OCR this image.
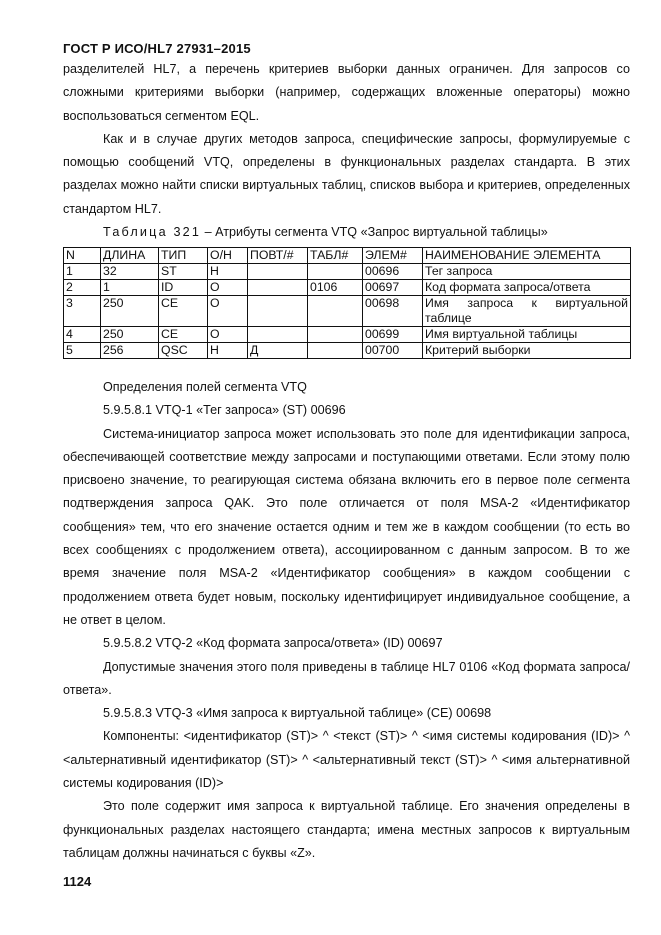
ГОСТ Р ИСО/HL7 27931–2015

разделителей HL7, а перечень критериев выборки данных ограничен. Для запросов со сложными критериями выборки (например, содержащих вложенные операторы) можно воспользоваться сегментом EQL.

Как и в случае других методов запроса, специфические запросы, формулируемые с помощью сообщений VTQ, определены в функциональных разделах стандарта. В этих разделах можно найти списки виртуальных таблиц, списков выбора и критериев, определенных стандартом HL7.

Таблица 321 – Атрибуты сегмента VTQ «Запрос виртуальной таблицы»
N	ДЛИНА	ТИП	О/Н	ПОВТ/#	ТАБЛ#	ЭЛЕМ#	НАИМЕНОВАНИЕ ЭЛЕМЕНТА
1	32	ST	Н			00696	Тег запроса
2	1	ID	О		0106	00697	Код формата запроса/ответа
3	250	CE	О			00698	Имя запроса к виртуальной таблице
4	250	CE	О			00699	Имя виртуальной таблицы
5	256	QSC	Н	Д		00700	Критерий выборки

Определения полей сегмента VTQ

5.9.5.8.1 VTQ-1 «Тег запроса» (ST) 00696

Система-инициатор запроса может использовать это поле для идентификации запроса, обеспечивающей соответствие между запросами и поступающими ответами. Если этому полю присвоено значение, то реагирующая система обязана включить его в первое поле сегмента подтверждения запроса QAK. Это поле отличается от поля MSA-2 «Идентификатор сообщения» тем, что его значение остается одним и тем же в каждом сообщении (то есть во всех сообщениях с продолжением ответа), ассоциированном с данным запросом. В то же время значение поля MSA-2 «Идентификатор сообщения» в каждом сообщении с продолжением ответа будет новым, поскольку идентифицирует индивидуальное сообщение, а не ответ в целом.

5.9.5.8.2 VTQ-2 «Код формата запроса/ответа» (ID) 00697

Допустимые значения этого поля приведены в таблице HL7 0106 «Код формата запроса/ответа».

5.9.5.8.3 VTQ-3 «Имя запроса к виртуальной таблице» (CE) 00698

Компоненты: <идентификатор (ST)> ^ <текст (ST)> ^ <имя системы кодирования (ID)> ^ <альтернативный идентификатор (ST)> ^ <альтернативный текст (ST)> ^ <имя альтернативной системы кодирования (ID)>

Это поле содержит имя запроса к виртуальной таблице. Его значения определены в функциональных разделах настоящего стандарта; имена местных запросов к виртуальным таблицам должны начинаться с буквы «Z».

1124
